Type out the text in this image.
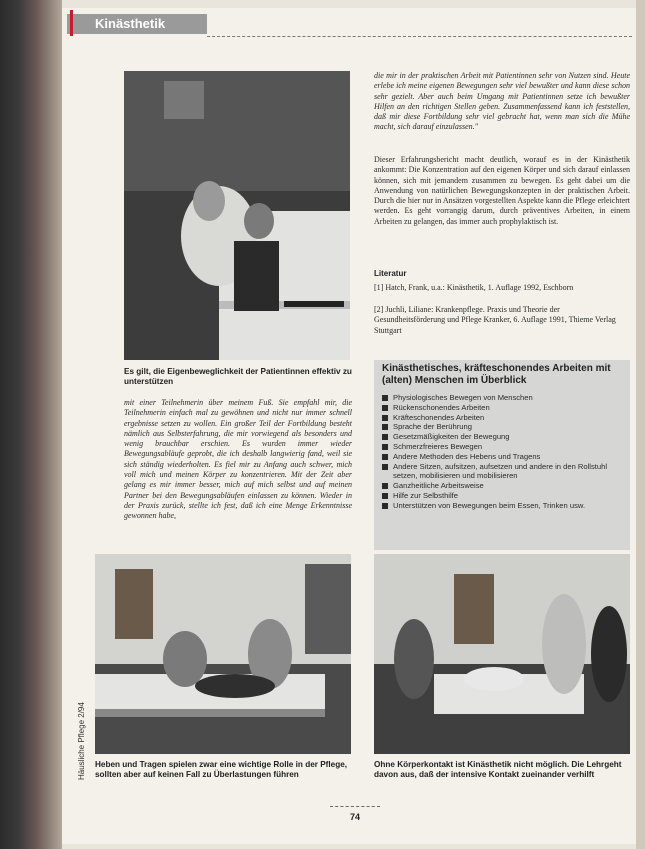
Kinästhetik
Es gilt, die Eigenbeweglichkeit der Patientinnen effektiv zu unterstützen
mit einer Teilnehmerin über meinem Fuß. Sie empfahl mir, die Teilnehmerin einfach mal zu gewöhnen und nicht nur immer schnell ergebnisse setzen zu wollen. Ein großer Teil der Fortbildung besteht nämlich aus Selbsterfahrung, die mir vorwiegend als besonders und wenig brauchbar erschien. Es wurden immer wieder Bewegungsabläufe geprobt, die ich deshalb langwierig fand, weil sie sich ständig wiederholten. Es fiel mir zu Anfang auch schwer, mich voll mich und meinen Körper zu konzentrieren. Mit der Zeit aber gelang es mir immer besser, mich auf mich selbst und auf meinen Partner bei den Bewegungsabläufen einlassen zu können. Wieder in der Praxis zurück, stellte ich fest, daß ich eine Menge Erkenntnisse gewonnen habe,
die mir in der praktischen Arbeit mit Patientinnen sehr von Nutzen sind. Heute erlebe ich meine eigenen Bewegungen sehr viel bewußter und kann diese schon sehr gezielt. Aber auch beim Umgang mit Patientinnen setze ich bewußter Hilfen an den richtigen Stellen geben. Zusammenfassend kann ich feststellen, daß mir diese Fortbildung sehr viel gebracht hat, wenn man sich die Mühe macht, sich darauf einzulassen."
Dieser Erfahrungsbericht macht deutlich, worauf es in der Kinästhetik ankommt: Die Konzentration auf den eigenen Körper und sich darauf einlassen können, sich mit jemandem zusammen zu bewegen. Es geht dabei um die Anwendung von natürlichen Bewegungskonzepten in der praktischen Arbeit. Durch die hier nur in Ansätzen vorgestellten Aspekte kann die Pflege erleichtert werden. Es geht vorrangig darum, durch präventives Arbeiten, in einem Arbeiten zu gelangen, das immer auch prophylaktisch ist.
Literatur
[1] Hatch, Frank, u.a.: Kinästhetik, 1. Auflage 1992, Eschborn
[2] Juchli, Liliane: Krankenpflege. Praxis und Theorie der Gesundheitsförderung und Pflege Kranker, 6. Auflage 1991, Thieme Verlag Stuttgart
Kinästhetisches, kräfteschonendes Arbeiten mit (alten) Menschen im Überblick
Physiologisches Bewegen von Menschen
Rückenschonendes Arbeiten
Kräfteschonendes Arbeiten
Sprache der Berührung
Gesetzmäßigkeiten der Bewegung
Schmerzfreieres Bewegen
Andere Methoden des Hebens und Tragens
Andere Sitzen, aufsitzen, aufsetzen und andere in den Rollstuhl setzen, mobilisieren und mobilisieren
Ganzheitliche Arbeitsweise
Hilfe zur Selbsthilfe
Unterstützen von Bewegungen beim Essen, Trinken usw.
Heben und Tragen spielen zwar eine wichtige Rolle in der Pflege, sollten aber auf keinen Fall zu Überlastungen führen
Ohne Körperkontakt ist Kinästhetik nicht möglich. Die Lehrgeht davon aus, daß der intensive Kontakt zueinander verhilft
Häusliche Pflege 2/94
74
